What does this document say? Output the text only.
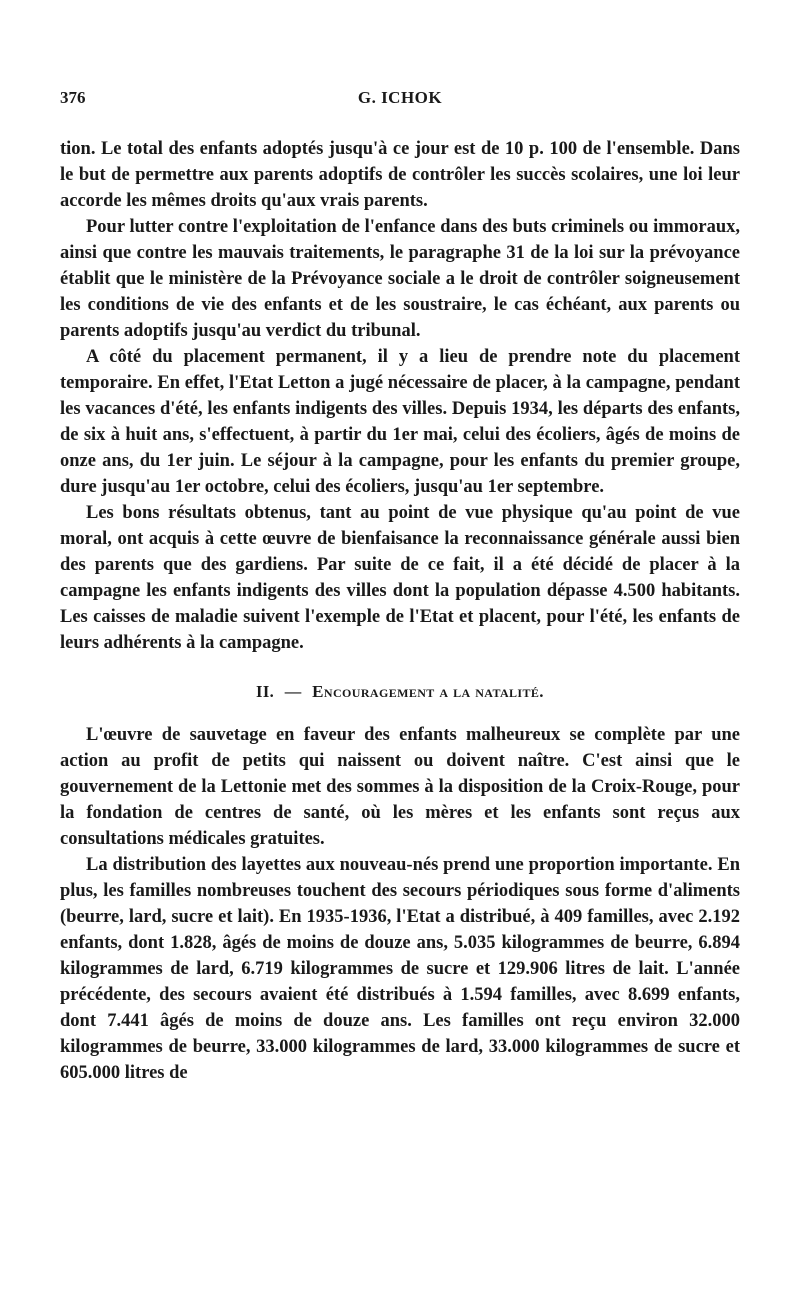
376	G. ICHOK

tion. Le total des enfants adoptés jusqu'à ce jour est de 10 p. 100 de l'ensemble. Dans le but de permettre aux parents adoptifs de contrôler les succès scolaires, une loi leur accorde les mêmes droits qu'aux vrais parents.

Pour lutter contre l'exploitation de l'enfance dans des buts criminels ou immoraux, ainsi que contre les mauvais traitements, le paragraphe 31 de la loi sur la prévoyance établit que le ministère de la Prévoyance sociale a le droit de contrôler soigneusement les conditions de vie des enfants et de les soustraire, le cas échéant, aux parents ou parents adoptifs jusqu'au verdict du tribunal.

A côté du placement permanent, il y a lieu de prendre note du placement temporaire. En effet, l'Etat Letton a jugé nécessaire de placer, à la campagne, pendant les vacances d'été, les enfants indigents des villes. Depuis 1934, les départs des enfants, de six à huit ans, s'effectuent, à partir du 1er mai, celui des écoliers, âgés de moins de onze ans, du 1er juin. Le séjour à la campagne, pour les enfants du premier groupe, dure jusqu'au 1er octobre, celui des écoliers, jusqu'au 1er septembre.

Les bons résultats obtenus, tant au point de vue physique qu'au point de vue moral, ont acquis à cette œuvre de bienfaisance la reconnaissance générale aussi bien des parents que des gardiens. Par suite de ce fait, il a été décidé de placer à la campagne les enfants indigents des villes dont la population dépasse 4.500 habitants. Les caisses de maladie suivent l'exemple de l'Etat et placent, pour l'été, les enfants de leurs adhérents à la campagne.

II. — Encouragement a la natalité.

L'œuvre de sauvetage en faveur des enfants malheureux se complète par une action au profit de petits qui naissent ou doivent naître. C'est ainsi que le gouvernement de la Lettonie met des sommes à la disposition de la Croix-Rouge, pour la fondation de centres de santé, où les mères et les enfants sont reçus aux consultations médicales gratuites.

La distribution des layettes aux nouveau-nés prend une proportion importante. En plus, les familles nombreuses touchent des secours périodiques sous forme d'aliments (beurre, lard, sucre et lait). En 1935-1936, l'Etat a distribué, à 409 familles, avec 2.192 enfants, dont 1.828, âgés de moins de douze ans, 5.035 kilogrammes de beurre, 6.894 kilogrammes de lard, 6.719 kilogrammes de sucre et 129.906 litres de lait. L'année précédente, des secours avaient été distribués à 1.594 familles, avec 8.699 enfants, dont 7.441 âgés de moins de douze ans. Les familles ont reçu environ 32.000 kilogrammes de beurre, 33.000 kilogrammes de lard, 33.000 kilogrammes de sucre et 605.000 litres de
